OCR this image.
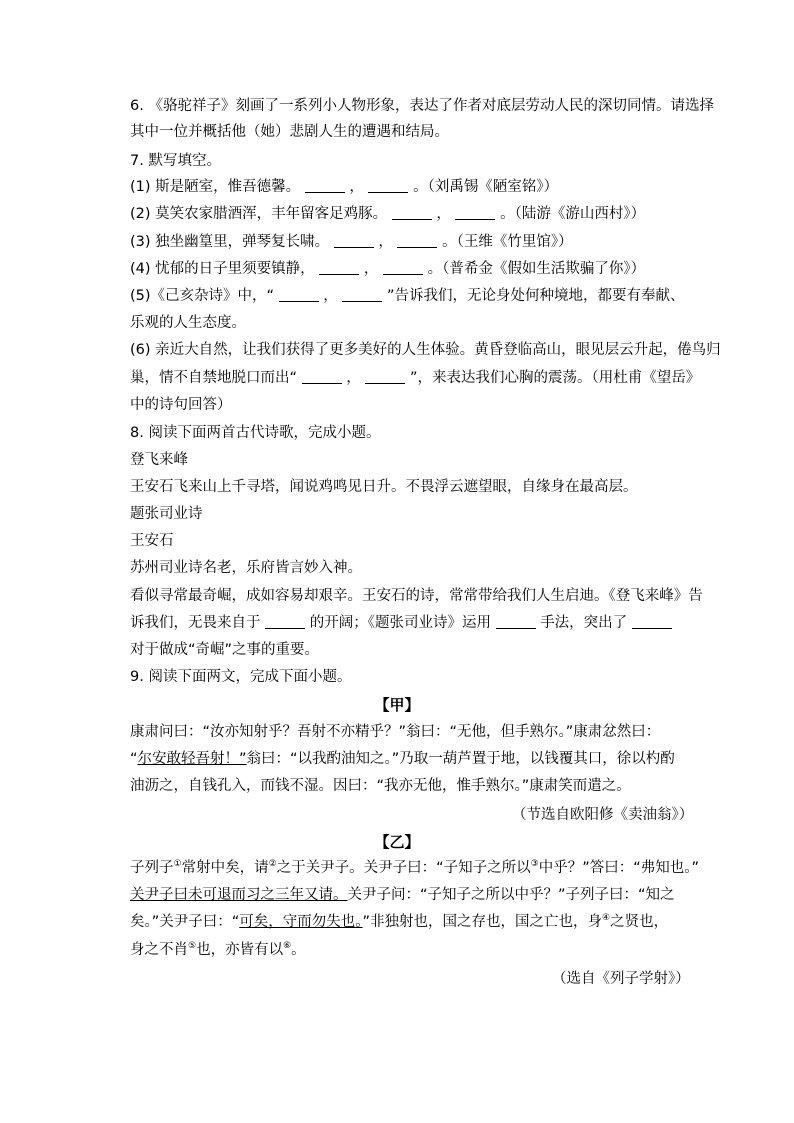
6. 《骆驼祥子》刻画了一系列小人物形象，表达了作者对底层劳动人民的深切同情。请选择
其中一位并概括他（她）悲剧人生的遭遇和结局。
7. 默写填空。
(1) 斯是陋室，惟吾德馨。	，	。（刘禹锡《陋室铭》）
(2) 莫笑农家腊酒浑，丰年留客足鸡豚。	，	。（陆游《游山西村》）
(3) 独坐幽篁里，弹琴复长啸。	，	。（王维《竹里馆》）
(4) 忧郁的日子里须要镇静，	，	。（普希金《假如生活欺骗了你》）
(5)《己亥杂诗》中，“	，	”告诉我们，无论身处何种境地，都要有奉献、
乐观的人生态度。
(6) 亲近大自然，让我们获得了更多美好的人生体验。黄昏登临高山，眼见层云升起，倦鸟归
巢，情不自禁地脱口而出“	，	”，来表达我们心胸的震荡。（用杜甫《望岳》
中的诗句回答）
8. 阅读下面两首古代诗歌，完成小题。
登飞来峰
王安石飞来山上千寻塔，闻说鸡鸣见日升。不畏浮云遮望眼，自缘身在最高层。
题张司业诗
王安石
苏州司业诗名老，乐府皆言妙入神。
看似寻常最奇崛，成如容易却艰辛。王安石的诗，常常带给我们人生启迪。《登飞来峰》告
诉我们，无畏来自于	的开阔；《题张司业诗》运用	手法，突出了
对于做成“奇崛”之事的重要。
9. 阅读下面两文，完成下面小题。
【甲】
康肃问曰：“汝亦知射乎？吾射不亦精乎？”翁曰：“无他，但手熟尔。”康肃忿然曰：
“尔安敢轻吾射！”翁曰：“以我酌油知之。”乃取一葫芦置于地，以钱覆其口，徐以杓酌
油沥之，自钱孔入，而钱不湿。因曰：“我亦无他，惟手熟尔。”康肃笑而遣之。
（节选自欧阳修《卖油翁》）
【乙】
子列子①常射中矣，请②之于关尹子。关尹子曰：“子知子之所以③中乎？”答曰：“弗知也。”
关尹子曰未可退而习之三年又请。关尹子问：“子知子之所以中乎？”子列子曰：“知之
矣。”关尹子曰：“可矣，守而勿失也。”非独射也，国之存也，国之亡也，身④之贤也，
身之不肖⑤也，亦皆有以⑥。
（选自《列子学射》）
